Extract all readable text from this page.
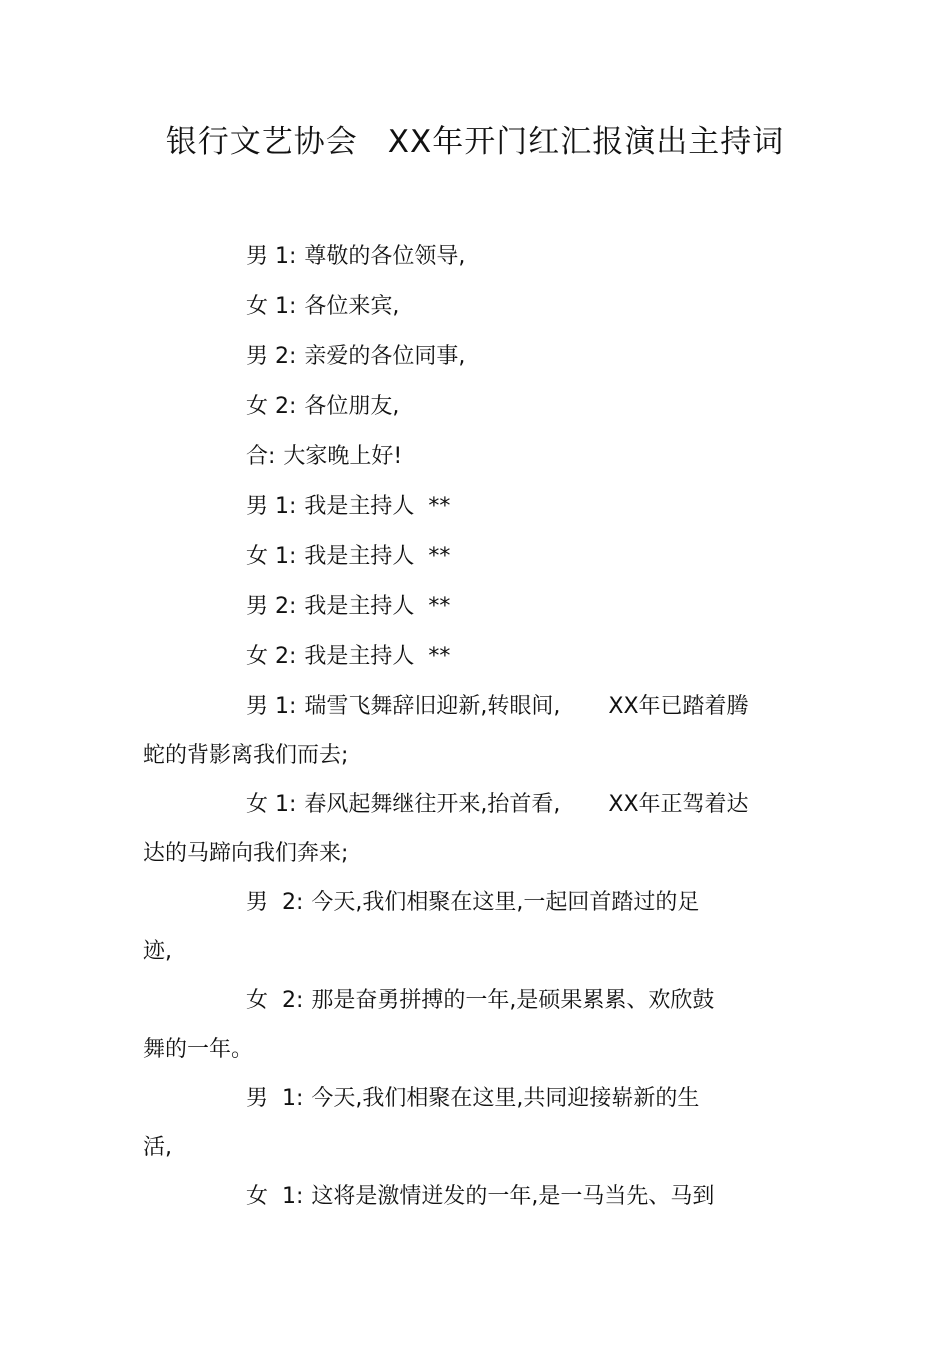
银行文艺协会 XX年开门红汇报演出主持词
男 1: 尊敬的各位领导,
女 1: 各位来宾,
男 2: 亲爱的各位同事,
女 2: 各位朋友,
合: 大家晚上好!
男 1: 我是主持人  **
女 1: 我是主持人  **
男 2: 我是主持人  **
女 2: 我是主持人  **
男 1: 瑞雪飞舞辞旧迎新,转眼间, XX年已踏着腾
蛇的背影离我们而去;
女 1: 春风起舞继往开来,抬首看, XX年正驾着达
达的马蹄向我们奔来;
男  2: 今天,我们相聚在这里,一起回首踏过的足
迹,
女  2: 那是奋勇拼搏的一年,是硕果累累、欢欣鼓
舞的一年。
男  1: 今天,我们相聚在这里,共同迎接崭新的生
活,
女  1: 这将是激情迸发的一年,是一马当先、马到
